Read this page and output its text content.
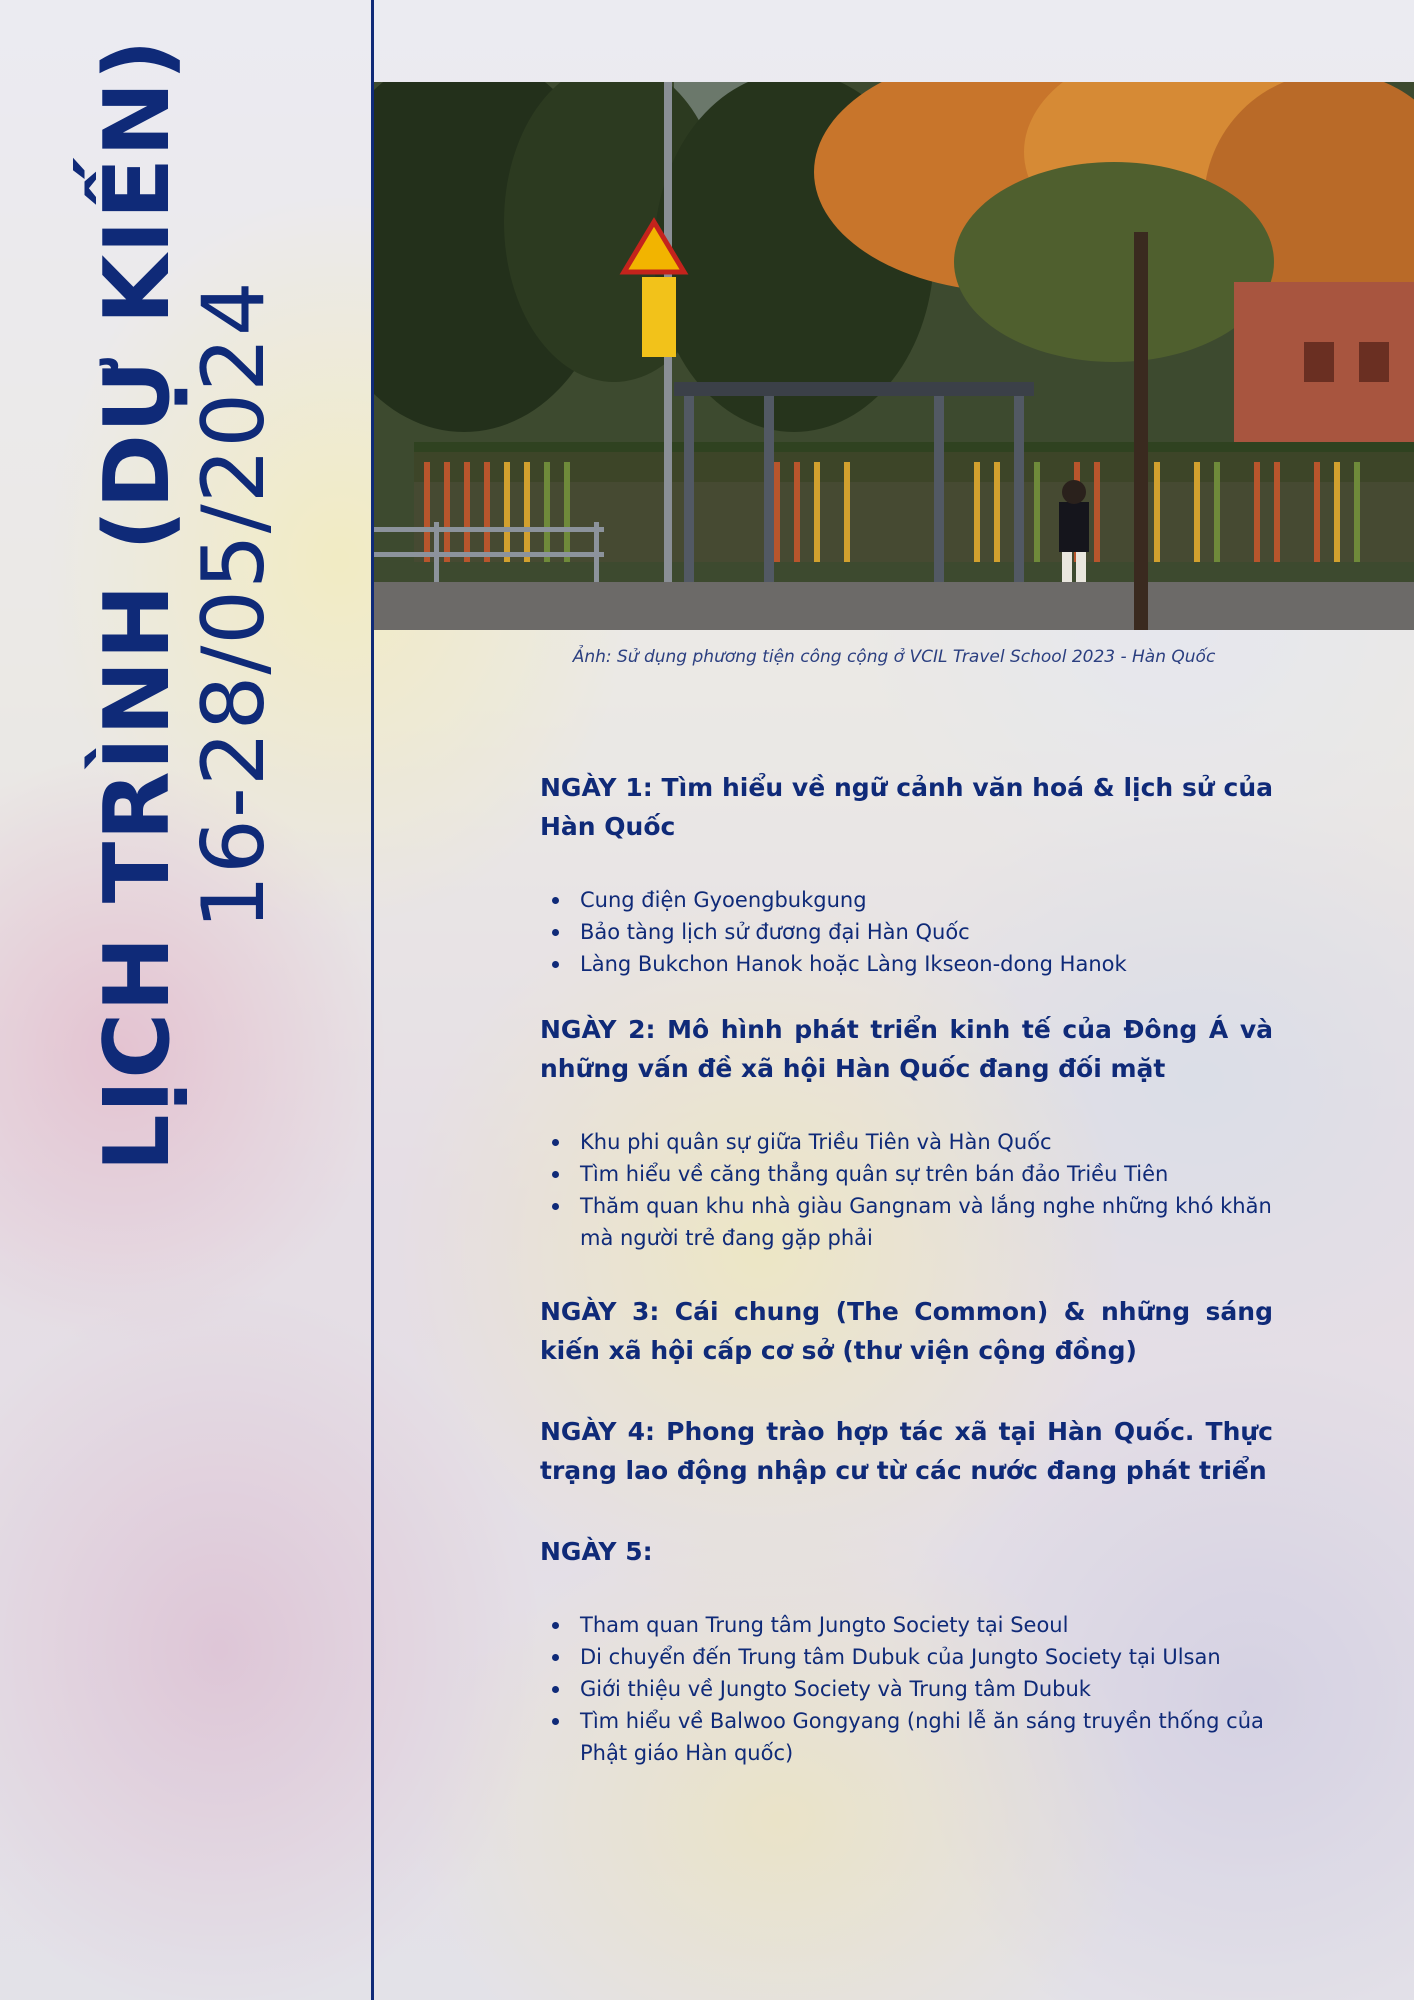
LỊCH TRÌNH (DỰ KIẾN)
16-28/05/2024	Ảnh: Sử dụng phương tiện công cộng ở VCIL Travel School 2023 - Hàn Quốc
NGÀY 1: Tìm hiểu về ngữ cảnh văn hoá & lịch sử của Hàn Quốc
Cung điện Gyoengbukgung
Bảo tàng lịch sử đương đại Hàn Quốc
Làng Bukchon Hanok hoặc Làng Ikseon-dong Hanok
NGÀY 2: Mô hình phát triển kinh tế của Đông Á và những vấn đề xã hội Hàn Quốc đang đối mặt
Khu phi quân sự giữa Triều Tiên và Hàn Quốc
Tìm hiểu về căng thẳng quân sự trên bán đảo Triều Tiên
Thăm quan khu nhà giàu Gangnam và lắng nghe những khó khăn mà người trẻ đang gặp phải
NGÀY 3: Cái chung (The Common) & những sáng kiến xã hội cấp cơ sở (thư viện cộng đồng)
NGÀY 4: Phong trào hợp tác xã tại Hàn Quốc. Thực trạng lao động nhập cư từ các nước đang phát triển
NGÀY 5:
Tham quan Trung tâm Jungto Society tại Seoul
Di chuyển đến Trung tâm Dubuk của Jungto Society tại Ulsan
Giới thiệu về Jungto Society và Trung tâm Dubuk
Tìm hiểu về Balwoo Gongyang (nghi lễ ăn sáng truyền thống của Phật giáo Hàn quốc)
